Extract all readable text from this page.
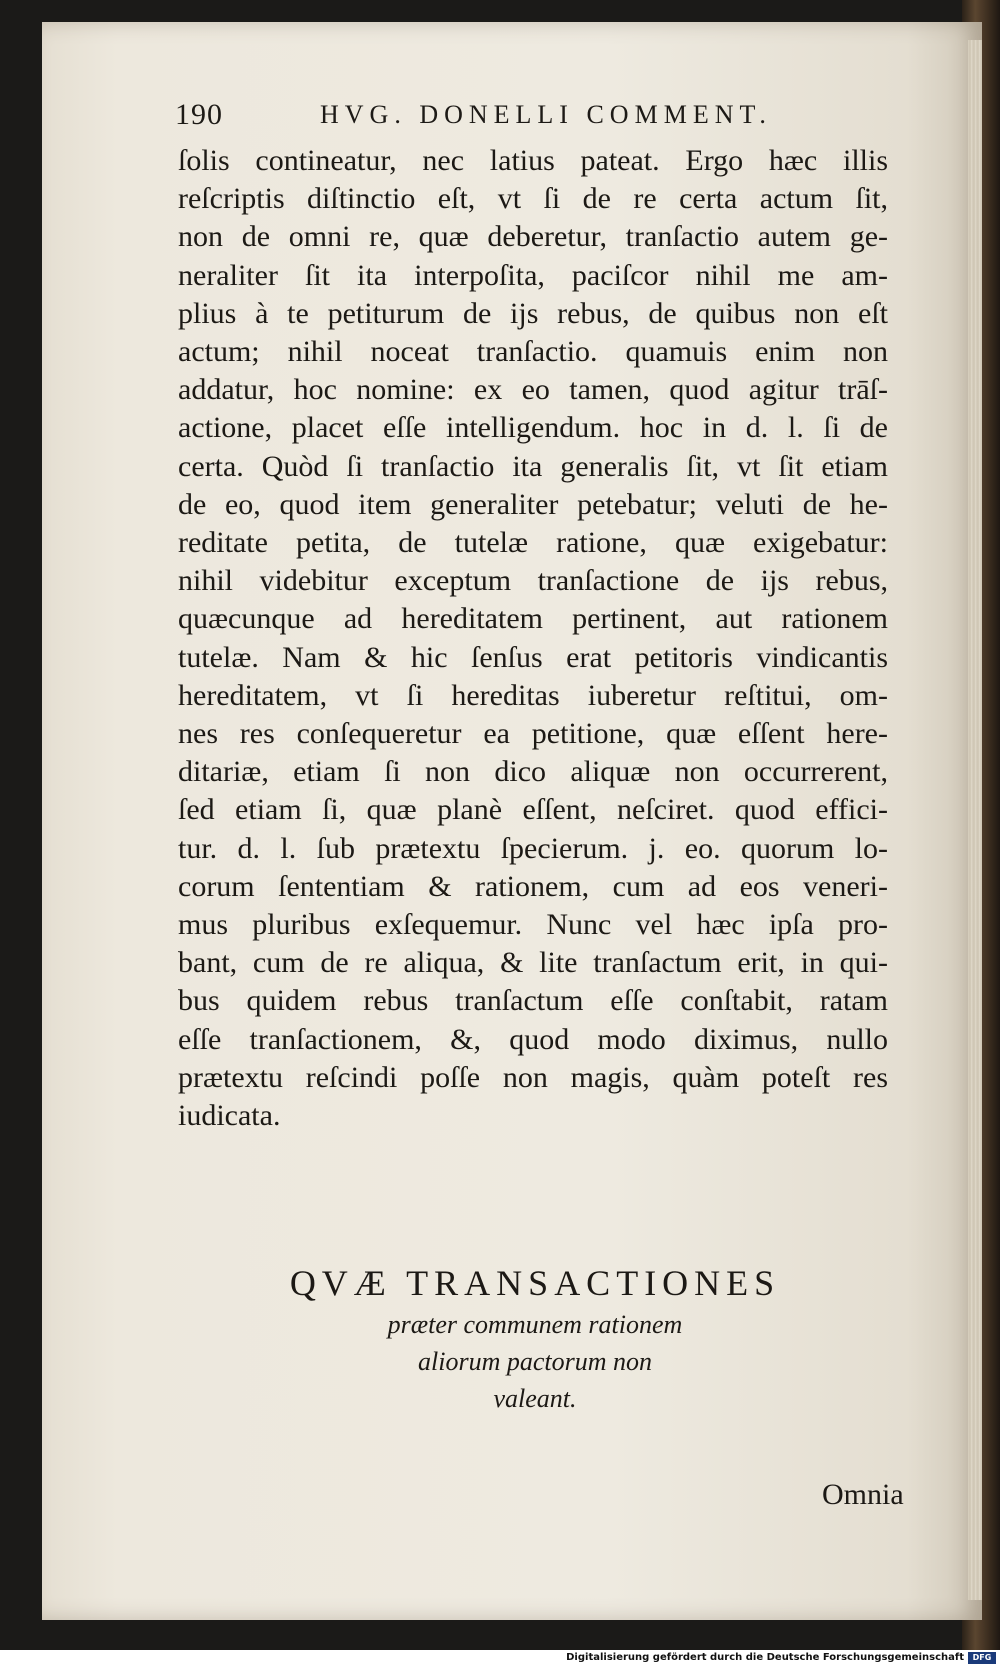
190	HVG. DONELLI COMMENT.
ſolis contineatur, nec latius pateat. Ergo hæc illis
reſcriptis diſtinctio eſt, vt ſi de re certa actum ſit,
non de omni re, quæ deberetur, tranſactio autem ge-
neraliter ſit ita interpoſita, paciſcor nihil me am-
plius à te petiturum de ijs rebus, de quibus non eſt
actum; nihil noceat tranſactio. quamuis enim non
addatur, hoc nomine: ex eo tamen, quod agitur trāſ-
actione, placet eſſe intelligendum. hoc in d. l. ſi de
certa. Quòd ſi tranſactio ita generalis ſit, vt ſit etiam
de eo, quod item generaliter petebatur; veluti de he-
reditate petita, de tutelæ ratione, quæ exigebatur:
nihil videbitur exceptum tranſactione de ijs rebus,
quæcunque ad hereditatem pertinent, aut rationem
tutelæ. Nam & hic ſenſus erat petitoris vindicantis
hereditatem, vt ſi hereditas iuberetur reſtitui, om-
nes res conſequeretur ea petitione, quæ eſſent here-
ditariæ, etiam ſi non dico aliquæ non occurrerent,
ſed etiam ſi, quæ planè eſſent, neſciret. quod effici-
tur. d. l. ſub prætextu ſpecierum. j. eo. quorum lo-
corum ſententiam & rationem, cum ad eos veneri-
mus pluribus exſequemur. Nunc vel hæc ipſa pro-
bant, cum de re aliqua, & lite tranſactum erit, in qui-
bus quidem rebus tranſactum eſſe conſtabit, ratam
eſſe tranſactionem, &, quod modo diximus, nullo
prætextu reſcindi poſſe non magis, quàm poteſt res
iudicata.
QVÆ TRANSACTIONES
præter communem rationem
aliorum pactorum non
valeant.
Omnia
Digitalisierung gefördert durch die Deutsche Forschungsgemeinschaft	DFG
